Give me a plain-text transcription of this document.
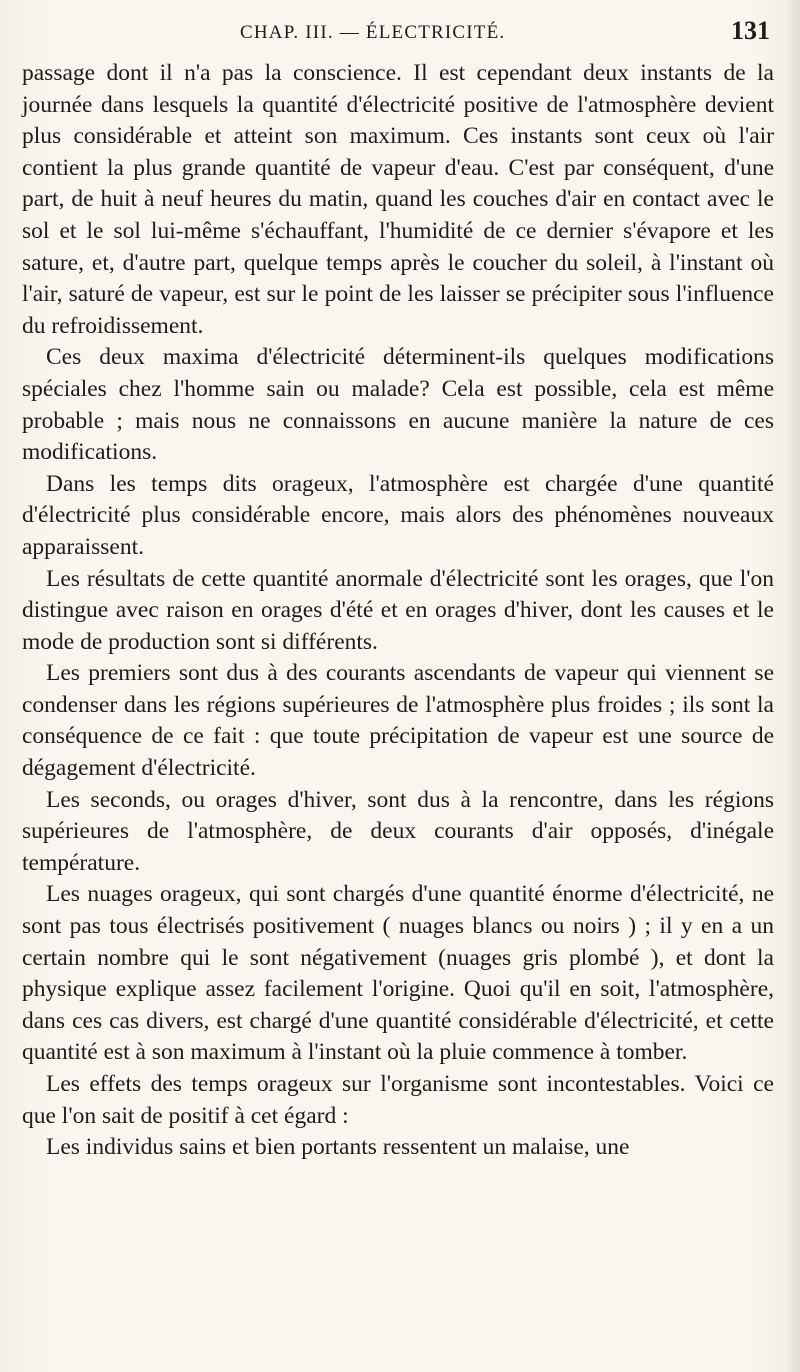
CHAP. III. — ÉLECTRICITÉ.	131

passage dont il n'a pas la conscience. Il est cependant deux instants de la journée dans lesquels la quantité d'électricité positive de l'atmosphère devient plus considérable et atteint son maximum. Ces instants sont ceux où l'air contient la plus grande quantité de vapeur d'eau. C'est par conséquent, d'une part, de huit à neuf heures du matin, quand les couches d'air en contact avec le sol et le sol lui-même s'échauffant, l'humidité de ce dernier s'évapore et les sature, et, d'autre part, quelque temps après le coucher du soleil, à l'instant où l'air, saturé de vapeur, est sur le point de les laisser se précipiter sous l'influence du refroidissement.

Ces deux maxima d'électricité déterminent-ils quelques modifications spéciales chez l'homme sain ou malade? Cela est possible, cela est même probable ; mais nous ne connaissons en aucune manière la nature de ces modifications.

Dans les temps dits orageux, l'atmosphère est chargée d'une quantité d'électricité plus considérable encore, mais alors des phénomènes nouveaux apparaissent.

Les résultats de cette quantité anormale d'électricité sont les orages, que l'on distingue avec raison en orages d'été et en orages d'hiver, dont les causes et le mode de production sont si différents.

Les premiers sont dus à des courants ascendants de vapeur qui viennent se condenser dans les régions supérieures de l'atmosphère plus froides ; ils sont la conséquence de ce fait : que toute précipitation de vapeur est une source de dégagement d'électricité.

Les seconds, ou orages d'hiver, sont dus à la rencontre, dans les régions supérieures de l'atmosphère, de deux courants d'air opposés, d'inégale température.

Les nuages orageux, qui sont chargés d'une quantité énorme d'électricité, ne sont pas tous électrisés positivement ( nuages blancs ou noirs ) ; il y en a un certain nombre qui le sont négativement (nuages gris plombé ), et dont la physique explique assez facilement l'origine. Quoi qu'il en soit, l'atmosphère, dans ces cas divers, est chargé d'une quantité considérable d'électricité, et cette quantité est à son maximum à l'instant où la pluie commence à tomber.

Les effets des temps orageux sur l'organisme sont incontestables. Voici ce que l'on sait de positif à cet égard :

Les individus sains et bien portants ressentent un malaise, une
